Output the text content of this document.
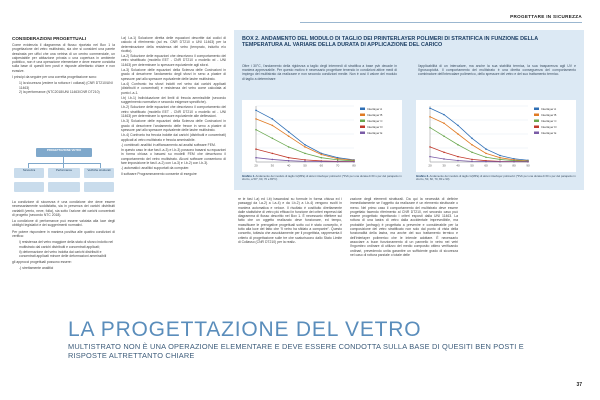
PROGETTARE IN SICUREZZA
CONSIDERAZIONI PROGETTUALI
Come evidenzia il diagramma di flusso riportato nel Box 1 la progettazione del vetro multistrato, sia che si consideri una parete dessinata per uffici che una vetrina di un centro commerciale, un calpestabile per abitazione privata o una copertura in ambiente pubblico, non è una operazione elementare e deve essere condotta sulla base di quesiti ben posti e risposte altrettanto chiare e non evasive.
I principi da seguire per una corretta progettazione sono:
1) la sicurezza (vedere la rottura e i collassi) (CNR DT210/UNI 11463)
2) la performance (NTC2018/UNI 11463/CNR DT210)
PROGETTAZIONE VETRO
Sicurezza	Performance	Verifiche strutturali
La condizione di sicurezza è una condizione che deve essere necessariamente soddisfatta, sia in presenza dei carichi distribuiti variabili (vento, neve, folla), sia sotto l'azione dei carichi concentrati di progetto (secondo NTC 2018).
La condizione di performance può essere valutata alla luce degli obblighi legislativi e dei suggerimenti normativi.
Per potere rispondere in maniera positiva alle quattro condizioni di verifica:
i) resistenza del vetro maggiore della stato di sforzo indotto nel multistrato dal carichi distribuiti e concentrati applicati;
ii) deformazione del vetro indotta dai carichi distribuiti e concentrati applicati minore delle deformazioni ammissibili
gli approcci progettuali possono essere:
-) strettamente analitici
I-a) I-a-1) Soluzione diretta delle equazioni descritte dai codici di calcolo di riferimento (ad es. CNR DT210 o UNI 11463) per la determinazione della resistenza del vetro (temprato, indurito e/o ricotto).
I-a-2) Soluzione delle equazioni che descrivono il comportamento del vetro stratificato (modello EET - CNR DT210 o modello wl - UNI 11463) per determinare lo spessore equivalente agli sforzi.
I-a-3) Soluzione delle equazioni della Scienza delle Costruzioni in grado di descrivere l'andamento degli sforzi in seno a piastre di spessore pari allo spessore equivalente delle lastre multistrato.
I-a-4) Confronto tra sforzi indotti nel vetro dai carichi applicati (distribuiti e concentrati) e resistenza del vetro come calcolata al punto I-a-1.
I-b) I-b-1) Individuazione dei limiti di freccia ammissibile (secondo suggerimento normativo e secondo esigenze specifiche).
I-b-2) Soluzione delle equazioni che descrivono il comportamento del vetro stratificato (modello EET - CNR DT210 o modello wl - UNI 11463) per determinare lo spessore equivalente alle deflessioni.
I-b-3) Soluzione delle equazioni della Scienza delle Costruzioni in grado di descrivere l'andamento delle frecce in seno a piastre di spessore pari allo spessore equivalente delle lastre multistrato.
I-b-4) Confronto tra freccia indotte dai carichi (distribuiti e concentrati) applicati al vetro multistrato e freccia ammissibile.
-) combinati: analitici in affiancamento ad analisi software FEM.
In questo caso le due fasi I-a-3) e I-b-3) possono basarsi su equazioni in forma chiusa o basarsi su modelli FEM che descrivono il comportamento del vetro multistrato. Alcuni software consentono di fare imposizione le fasi I-a-2) con I-a-3) e I-b-2) con I-b-3).
-) automatici: analitici supportati da computer.
Il software Programmamento consente di eseguire
BOX 2. ANDAMENTO DEL MODULO DI TAGLIO DEI PRINTERLAYER POLIMERI DI STRATIFICA IN FUNZIONE DELLA TEMPERATURA AL VARIARE DELLA DURATA DI APPLICAZIONE DEL CARICO
Oltre i 30°C, l'andamento della rigidezza a taglio degli intermedi di stratifica a base pvb decade in maniera apprezzabile. Per questo motivo è necessario progettare tenendo in condizioni attive medi di impiego del multistrato da realizzare e non secondo condizioni medie. Non è così il valore del modulo di taglio a determinare
l'applicabilità di un intercalare, ma anche la sua stabilità termica, la sua trasparenza agli UV e l'igroscopicità. Il comportamento del multistrato è una diretta conseguenza del comportamento combinatore dell'intercalare polimerico, dello spessore del vetro e del suo trattamento termico.
20	30	40	50	60	70	80
Interlayer A
Interlayer B
Interlayer C
Interlayer D
Interlayer E
20	30	40	50	60	70	80	90
Interlayer A
Interlayer B
Interlayer C
Interlayer D
Interlayer E
Grafico 1. Andamento del modulo di taglio G(MPa) di alcuni interlayer polimerici (*Pvb per una durata di 60 s per del parapetto in sforzo, a 50°, 60, 70 e 80°C)
Grafico 2. Andamento del modulo di taglio G(MPa) di alcuni interlayer polimerici (*Pvb per una durata di 60 s per del parapetto in sforzo, 50, 60, 70, 80 e 90)
re le fasi I-a) ed I-b) basandosi su formule in forma chiusa ed i passaggi da I-a-2) a I-a-4) e da I-b-2) a I-b-4) vengono svolti in maniera automatica e veloce. Il risultato è costituito direttamente dalle statistiche di vetro più efficaci in funzione dei criteri espressi dal diagramma di flusso descritto nel Box 1. È necessario riflettere sul fatto che un oggetto realizzato deve funzionare, ed tempo, massificare le prerogative progettuali sotto cui è stato concepito, è tutto alla luce del fatto che "il vetro ha sfidato a comparire". Questo concetto, tuttavia che assolutamente per il progettista, rappresenta il criterio di progettazione sulle tre che scaturiscono dallo Stato Limite di Collasso (CNR DT210) per la realiz-
zazione degli elementi strutturali. Da qui la necessità di definire immediatamente se l'oggetto da realizzare è un elemento strutturale o meno. Nel primo caso il comportamento del multistrato deve essere progettato facendo riferimento al CNR DT210, nel secondo caso può essere progettato rispettando i criteri esposti dalla UNI 11463. La rottura di una lastra di vetro dalla accidentale imprevedibile, ma probabile (anfrago) è progettata a prevenire e considerabile per la composizione del vetro stratificato non solo dal punto di vista della funzionalità della lastra, ma anche del suo trattamento termico e dell'interlayer polimerico che le intende adottare. È necessario associare a buon funzionamento di un pannello in vetro nei vetri l'ingombro ordinare di utilizzo del medio composito ottimo verificando ordinari, prevedendo unita garantire un sufficiente grado di sicurezza nel caso di rottura parziale o totale delle
LA PROGETTAZIONE DEL VETRO
MULTISTRATO NON È UNA OPERAZIONE ELEMENTARE E DEVE ESSERE CONDOTTA SULLA BASE DI QUESITI BEN POSTI E RISPOSTE ALTRETTANTO CHIARE
37
